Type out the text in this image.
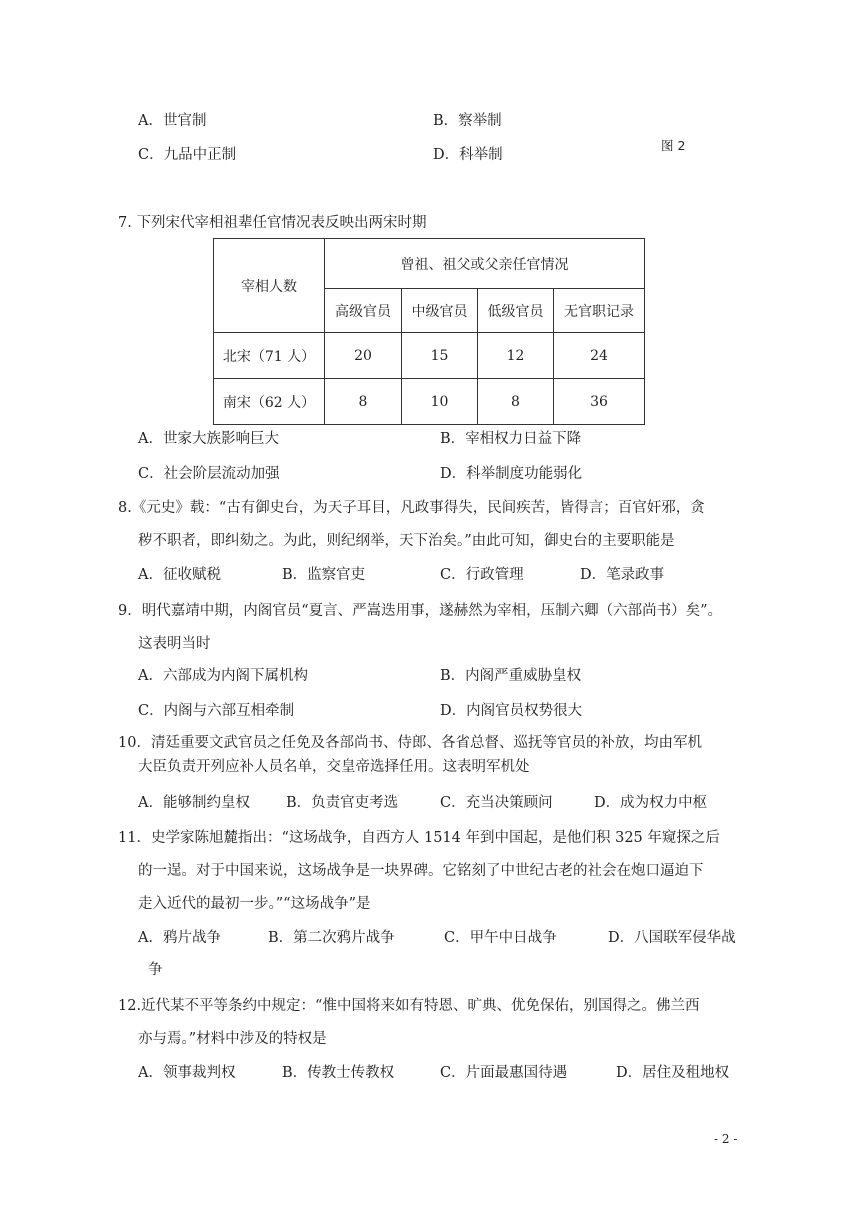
A．世官制	B．察举制
C．九品中正制	D．科举制
图 2
7. 下列宋代宰相祖辈任官情况表反映出两宋时期
宰相人数	曾祖、祖父或父亲任官情况			
	高级官员	中级官员	低级官员	无官职记录
北宋（71 人）	20	15	12	24
南宋（62 人）	8	10	8	36
A．世家大族影响巨大	B．宰相权力日益下降
C．社会阶层流动加强	D．科举制度功能弱化
8.《元史》载：“古有御史台，为天子耳目，凡政事得失，民间疾苦，皆得言；百官奸邪，贪
秽不职者，即纠劾之。为此，则纪纲举，天下治矣。”由此可知，御史台的主要职能是
A．征收赋税	B．监察官吏	C．行政管理	D．笔录政事
9．明代嘉靖中期，内阁官员“夏言、严嵩迭用事，遂赫然为宰相，压制六卿（六部尚书）矣”。
这表明当时
A．六部成为内阁下属机构	B．内阁严重威胁皇权
C．内阁与六部互相牵制	D．内阁官员权势很大
10．清廷重要文武官员之任免及各部尚书、侍郎、各省总督、巡抚等官员的补放，均由军机
大臣负责开列应补人员名单，交皇帝选择任用。这表明军机处
A．能够制约皇权 B．负责官吏考选	C．充当决策顾问	D．成为权力中枢
11．史学家陈旭麓指出：“这场战争，自西方人 1514 年到中国起，是他们积 325 年窥探之后
的一逞。对于中国来说，这场战争是一块界碑。它铭刻了中世纪古老的社会在炮口逼迫下
走入近代的最初一步。”“这场战争”是
A．鸦片战争	B．第二次鸦片战争	C．甲午中日战争	D．八国联军侵华战
争
12.近代某不平等条约中规定：“惟中国将来如有特恩、旷典、优免保佑，别国得之。佛兰西
亦与焉。”材料中涉及的特权是
A．领事裁判权	B．传教士传教权	C．片面最惠国待遇	D．居住及租地权
- 2 -
